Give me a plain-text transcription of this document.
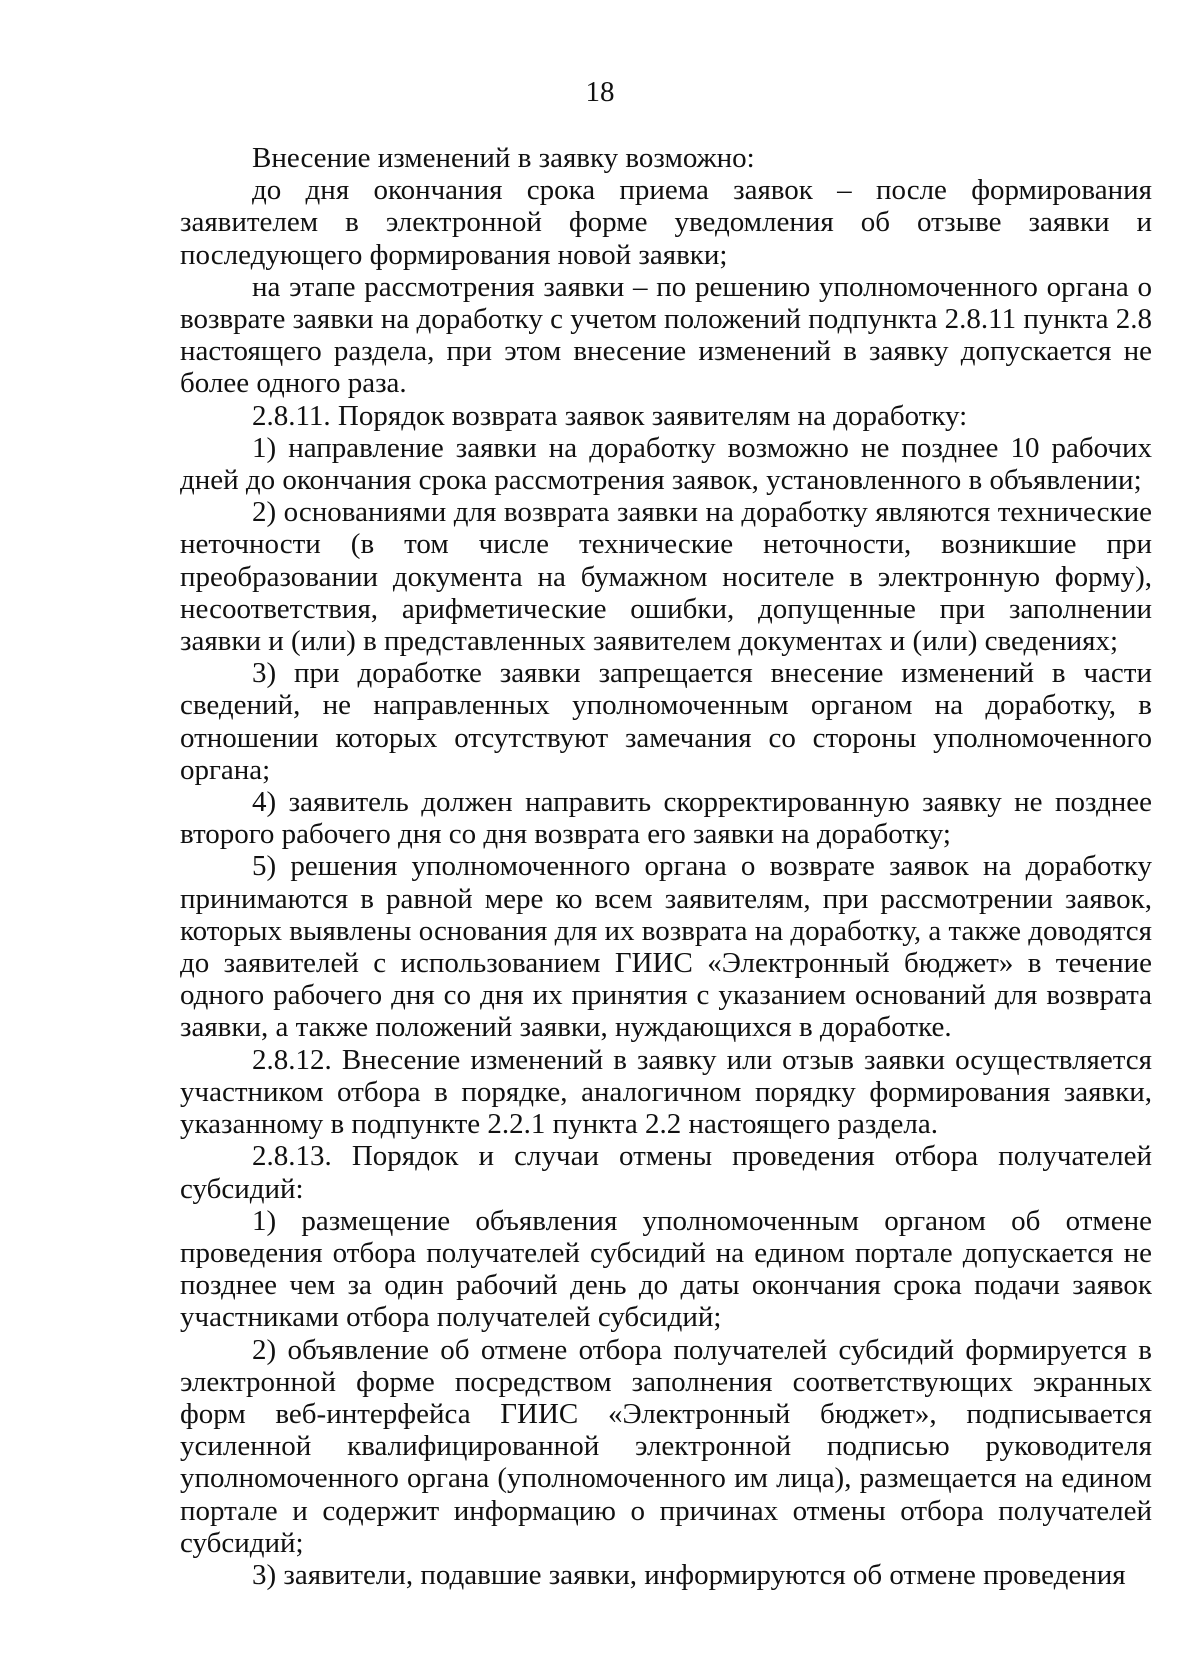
18

Внесение изменений в заявку возможно:

до дня окончания срока приема заявок – после формирования заявителем в электронной форме уведомления об отзыве заявки и последующего формирования новой заявки;

на этапе рассмотрения заявки – по решению уполномоченного органа о возврате заявки на доработку с учетом положений подпункта 2.8.11 пункта 2.8 настоящего раздела, при этом внесение изменений в заявку допускается не более одного раза.

2.8.11. Порядок возврата заявок заявителям на доработку:

1) направление заявки на доработку возможно не позднее 10 рабочих дней до окончания срока рассмотрения заявок, установленного в объявлении;

2) основаниями для возврата заявки на доработку являются технические неточности (в том числе технические неточности, возникшие при преобразовании документа на бумажном носителе в электронную форму), несоответствия, арифметические ошибки, допущенные при заполнении заявки и (или) в представленных заявителем документах и (или) сведениях;

3) при доработке заявки запрещается внесение изменений в части сведений, не направленных уполномоченным органом на доработку, в отношении которых отсутствуют замечания со стороны уполномоченного органа;

4) заявитель должен направить скорректированную заявку не позднее второго рабочего дня со дня возврата его заявки на доработку;

5) решения уполномоченного органа о возврате заявок на доработку принимаются в равной мере ко всем заявителям, при рассмотрении заявок, которых выявлены основания для их возврата на доработку, а также доводятся до заявителей с использованием ГИИС «Электронный бюджет» в течение одного рабочего дня со дня их принятия с указанием оснований для возврата заявки, а также положений заявки, нуждающихся в доработке.

2.8.12. Внесение изменений в заявку или отзыв заявки осуществляется участником отбора в порядке, аналогичном порядку формирования заявки, указанному в подпункте 2.2.1 пункта 2.2 настоящего раздела.

2.8.13. Порядок и случаи отмены проведения отбора получателей субсидий:

1) размещение объявления уполномоченным органом об отмене проведения отбора получателей субсидий на едином портале допускается не позднее чем за один рабочий день до даты окончания срока подачи заявок участниками отбора получателей субсидий;

2) объявление об отмене отбора получателей субсидий формируется в электронной форме посредством заполнения соответствующих экранных форм веб-интерфейса ГИИС «Электронный бюджет», подписывается усиленной квалифицированной электронной подписью руководителя уполномоченного органа (уполномоченного им лица), размещается на едином портале и содержит информацию о причинах отмены отбора получателей субсидий;

3) заявители, подавшие заявки, информируются об отмене проведения
